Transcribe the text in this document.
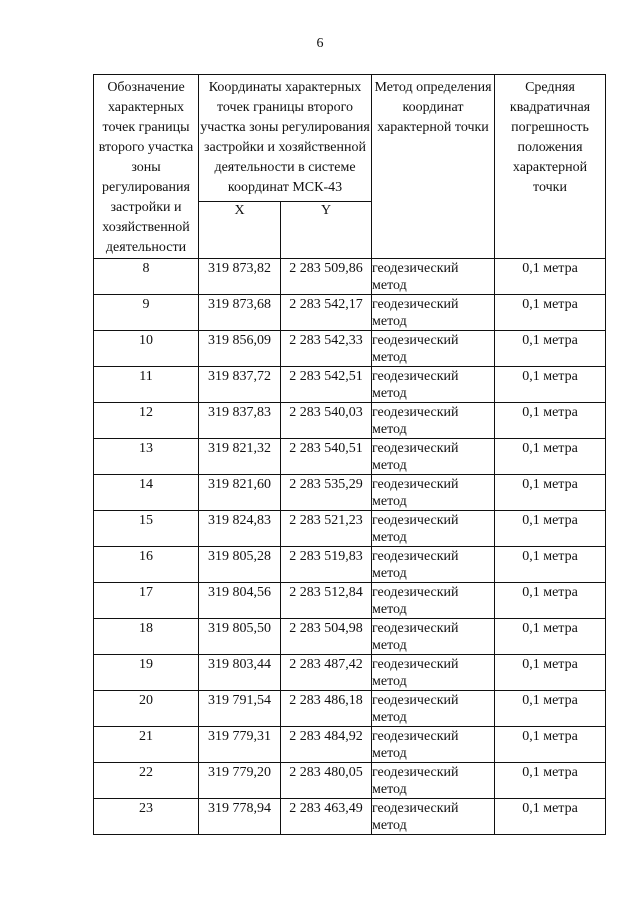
6
Обозначение характерных точек границы второго участка зоны регулирования застройки и хозяйственной деятельности	Координаты характерных точек границы второго участка зоны регулирования застройки и хозяйственной деятельности в системе координат МСК-43		Метод определения координат характерной точки	Средняя квадратичная погрешность положения характерной точки
	X	Y		
8	319 873,82	2 283 509,86	геодезический метод	0,1 метра
9	319 873,68	2 283 542,17	геодезический метод	0,1 метра
10	319 856,09	2 283 542,33	геодезический метод	0,1 метра
11	319 837,72	2 283 542,51	геодезический метод	0,1 метра
12	319 837,83	2 283 540,03	геодезический метод	0,1 метра
13	319 821,32	2 283 540,51	геодезический метод	0,1 метра
14	319 821,60	2 283 535,29	геодезический метод	0,1 метра
15	319 824,83	2 283 521,23	геодезический метод	0,1 метра
16	319 805,28	2 283 519,83	геодезический метод	0,1 метра
17	319 804,56	2 283 512,84	геодезический метод	0,1 метра
18	319 805,50	2 283 504,98	геодезический метод	0,1 метра
19	319 803,44	2 283 487,42	геодезический метод	0,1 метра
20	319 791,54	2 283 486,18	геодезический метод	0,1 метра
21	319 779,31	2 283 484,92	геодезический метод	0,1 метра
22	319 779,20	2 283 480,05	геодезический метод	0,1 метра
23	319 778,94	2 283 463,49	геодезический метод	0,1 метра
